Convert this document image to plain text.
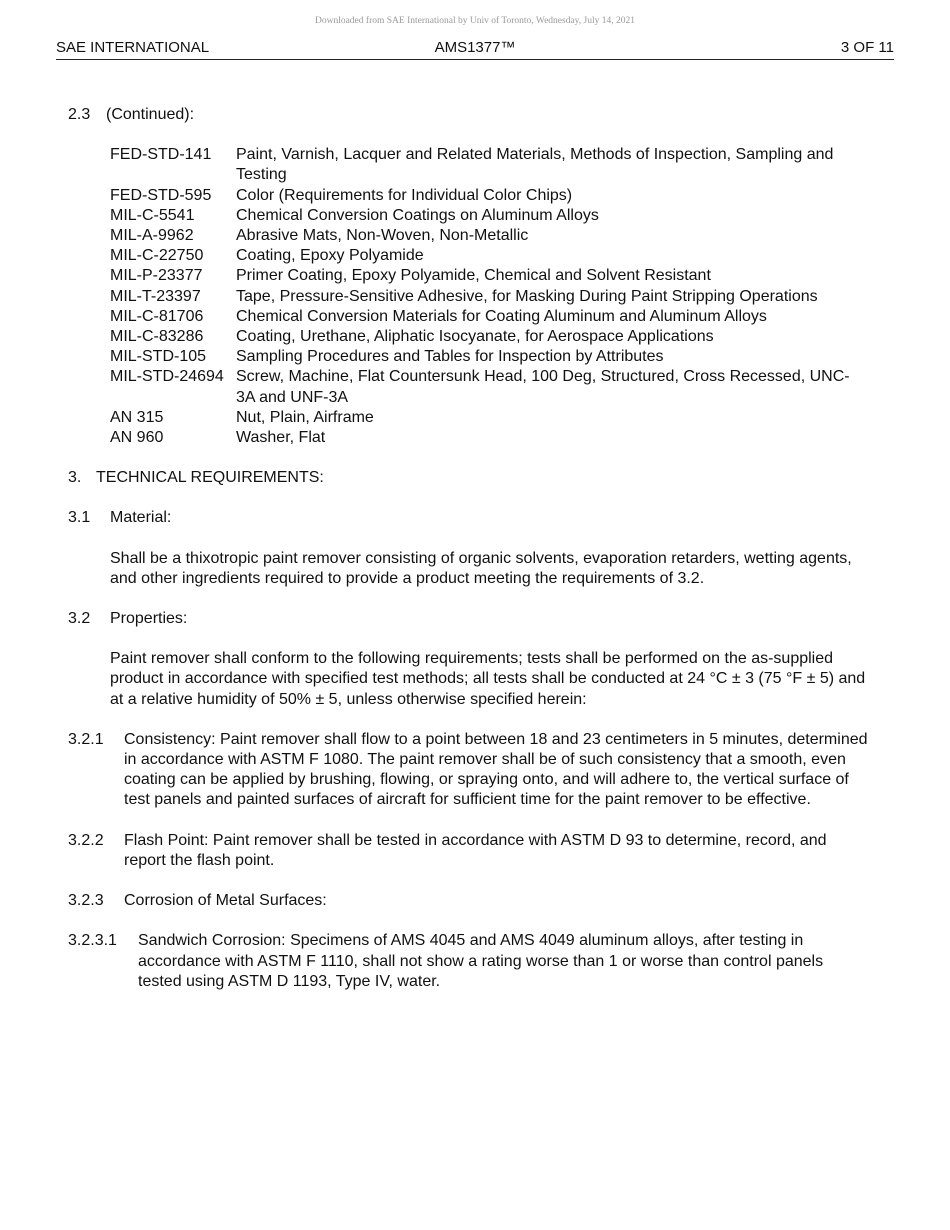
Downloaded from SAE International by Univ of Toronto, Wednesday, July 14, 2021
SAE INTERNATIONAL	AMS1377™	3 OF 11
2.3 (Continued):
FED-STD-141	Paint, Varnish, Lacquer and Related Materials, Methods of Inspection, Sampling and Testing
FED-STD-595	Color (Requirements for Individual Color Chips)
MIL-C-5541	Chemical Conversion Coatings on Aluminum Alloys
MIL-A-9962	Abrasive Mats, Non-Woven, Non-Metallic
MIL-C-22750	Coating, Epoxy Polyamide
MIL-P-23377	Primer Coating, Epoxy Polyamide, Chemical and Solvent Resistant
MIL-T-23397	Tape, Pressure-Sensitive Adhesive, for Masking During Paint Stripping Operations
MIL-C-81706	Chemical Conversion Materials for Coating Aluminum and Aluminum Alloys
MIL-C-83286	Coating, Urethane, Aliphatic Isocyanate, for Aerospace Applications
MIL-STD-105	Sampling Procedures and Tables for Inspection by Attributes
MIL-STD-24694	Screw, Machine, Flat Countersunk Head, 100 Deg, Structured, Cross Recessed, UNC-3A and UNF-3A
AN 315	Nut, Plain, Airframe
AN 960	Washer, Flat
3. TECHNICAL REQUIREMENTS:
3.1 Material:
Shall be a thixotropic paint remover consisting of organic solvents, evaporation retarders, wetting agents, and other ingredients required to provide a product meeting the requirements of 3.2.
3.2 Properties:
Paint remover shall conform to the following requirements; tests shall be performed on the as-supplied product in accordance with specified test methods; all tests shall be conducted at 24 °C ± 3 (75 °F ± 5) and at a relative humidity of 50% ± 5, unless otherwise specified herein:
3.2.1 Consistency: Paint remover shall flow to a point between 18 and 23 centimeters in 5 minutes, determined in accordance with ASTM F 1080. The paint remover shall be of such consistency that a smooth, even coating can be applied by brushing, flowing, or spraying onto, and will adhere to, the vertical surface of test panels and painted surfaces of aircraft for sufficient time for the paint remover to be effective.
3.2.2 Flash Point: Paint remover shall be tested in accordance with ASTM D 93 to determine, record, and report the flash point.
3.2.3 Corrosion of Metal Surfaces:
3.2.3.1 Sandwich Corrosion: Specimens of AMS 4045 and AMS 4049 aluminum alloys, after testing in accordance with ASTM F 1110, shall not show a rating worse than 1 or worse than control panels tested using ASTM D 1193, Type IV, water.
